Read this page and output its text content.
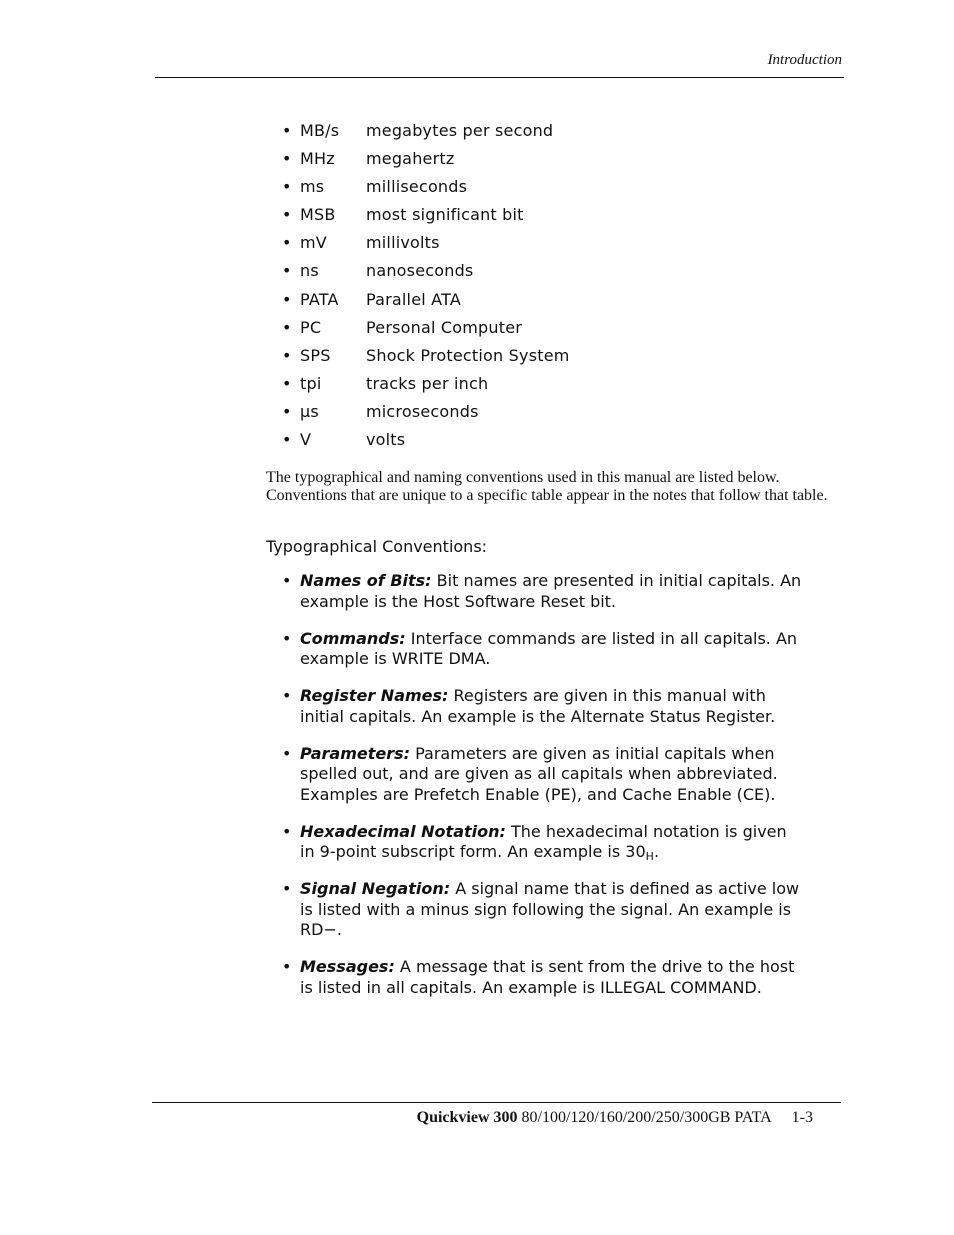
Introduction
• MB/s megabytes per second
• MHz megahertz
• ms	milliseconds
• MSB most significant bit
• mV millivolts
• ns	nanoseconds
• PATA Parallel ATA
• PC	Personal Computer
• SPS Shock Protection System
• tpi	tracks per inch
• µs	microseconds
• V	volts

The typographical and naming conventions used in this manual are listed below. Conventions that are unique to a specific table appear in the notes that follow that table.

Typographical Conventions:

• Names of Bits: Bit names are presented in initial capitals. An example is the Host Software Reset bit.
• Commands: Interface commands are listed in all capitals. An example is WRITE DMA.
• Register Names: Registers are given in this manual with initial capitals. An example is the Alternate Status Register.
• Parameters: Parameters are given as initial capitals when spelled out, and are given as all capitals when abbreviated. Examples are Prefetch Enable (PE), and Cache Enable (CE).
• Hexadecimal Notation: The hexadecimal notation is given in 9-point subscript form. An example is $30_H$.
• Signal Negation: A signal name that is defined as active low is listed with a minus sign following the signal. An example is RD−.
• Messages: A message that is sent from the drive to the host is listed in all capitals. An example is ILLEGAL COMMAND.
Quickview 300 80/100/120/160/200/250/300GB PATA 1-3
